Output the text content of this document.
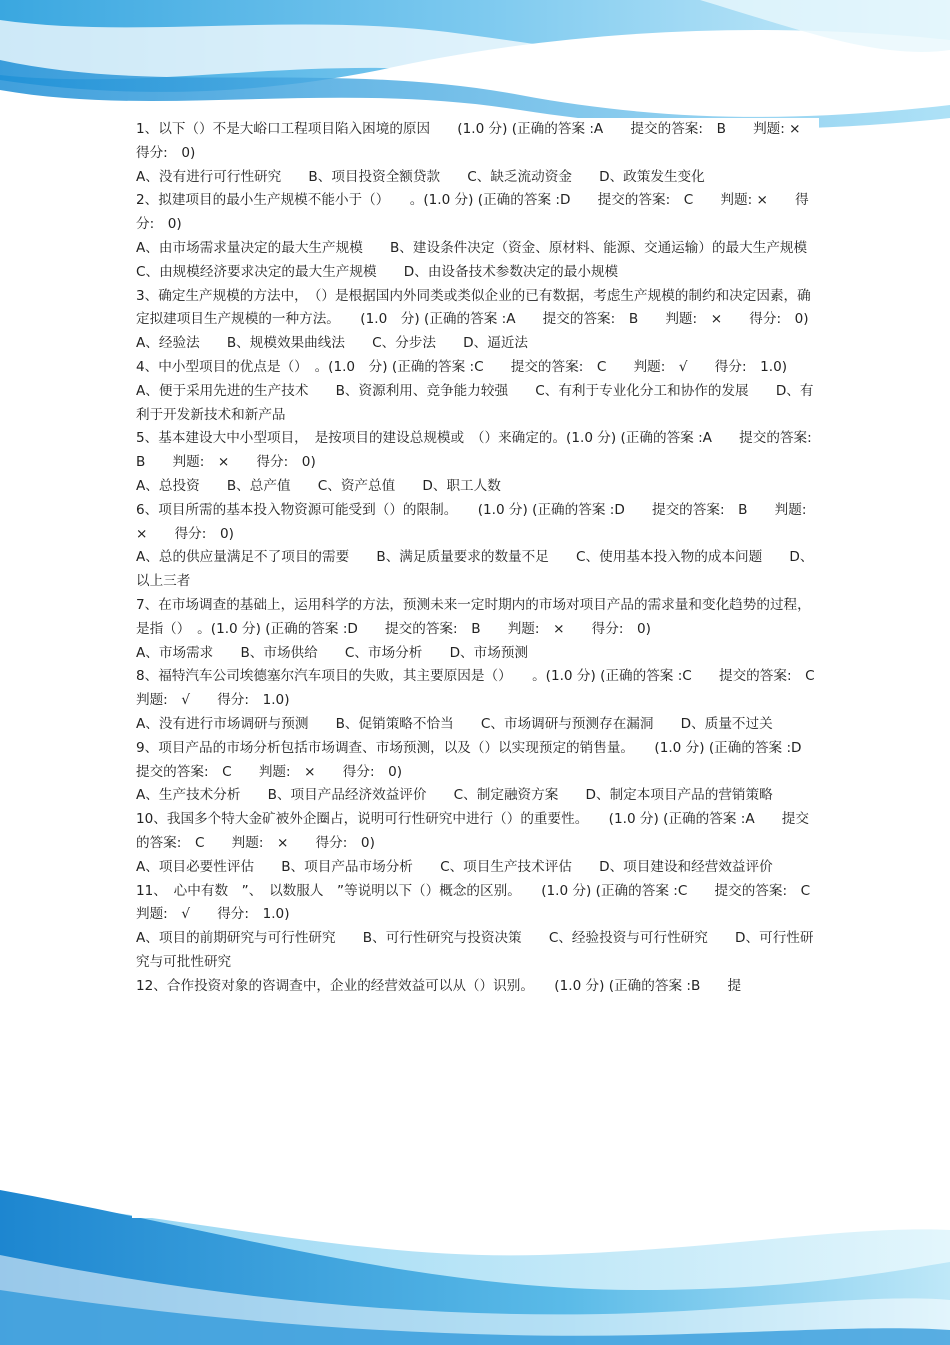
1、以下（）不是大峪口工程项目陷入困境的原因　　(1.0 分) (正确的答案 :A　　提交的答案:　B　　判题: ×　　得分:　0)

A、没有进行可行性研究　　B、项目投资全额贷款　　C、缺乏流动资金　　D、政策发生变化

2、拟建项目的最小生产规模不能小于（）　　。(1.0 分) (正确的答案 :D　　提交的答案:　C　　判题: ×　　得分:　0)

A、由市场需求量决定的最大生产规模　　B、建设条件决定（资金、原材料、能源、交通运输）的最大生产规模　　C、由规模经济要求决定的最大生产规模　　D、由设备技术参数决定的最小规模

3、确定生产规模的方法中，　（）是根据国内外同类或类似企业的已有数据，考虑生产规模的制约和决定因素，确定拟建项目生产规模的一种方法。　　(1.0　分) (正确的答案 :A　　提交的答案:　B　　判题:　×　　得分:　0)

A、经验法　　B、规模效果曲线法　　C、分步法　　D、逼近法

4、中小型项目的优点是（）　。(1.0　分) (正确的答案 :C　　提交的答案:　C　　判题:　√　　得分:　1.0)

A、便于采用先进的生产技术　　B、资源利用、竞争能力较强　　C、有利于专业化分工和协作的发展　　D、有利于开发新技术和新产品

5、基本建设大中小型项目，　是按项目的建设总规模或　（）来确定的。(1.0 分) (正确的答案 :A　　提交的答案:　B　　判题:　×　　得分:　0)

A、总投资　　B、总产值　　C、资产总值　　D、职工人数

6、项目所需的基本投入物资源可能受到（）的限制。　　(1.0 分) (正确的答案 :D　　提交的答案:　B　　判题:　×　　得分:　0)

A、总的供应量满足不了项目的需要　　B、满足质量要求的数量不足　　C、使用基本投入物的成本问题　　D、以上三者

7、在市场调查的基础上，运用科学的方法，预测未来一定时期内的市场对项目产品的需求量和变化趋势的过程，是指（）　。(1.0 分) (正确的答案 :D　　提交的答案:　B　　判题:　×　　得分:　0)

A、市场需求　　B、市场供给　　C、市场分析　　D、市场预测

8、福特汽车公司埃德塞尔汽车项目的失败，其主要原因是（）　　。(1.0 分) (正确的答案 :C　　提交的答案:　C　　判题:　√　　得分:　1.0)

A、没有进行市场调研与预测　　B、促销策略不恰当　　C、市场调研与预测存在漏洞　　D、质量不过关

9、项目产品的市场分析包括市场调查、市场预测，以及（）以实现预定的销售量。　　(1.0 分) (正确的答案 :D　　提交的答案:　C　　判题:　×　　得分:　0)

A、生产技术分析　　B、项目产品经济效益评价　　C、制定融资方案　　D、制定本项目产品的营销策略

10、我国多个特大金矿被外企圈占，说明可行性研究中进行（）的重要性。　　(1.0 分) (正确的答案 :A　　提交的答案:　C　　判题:　×　　得分:　0)

A、项目必要性评估　　B、项目产品市场分析　　C、项目生产技术评估　　D、项目建设和经营效益评价

11、　心中有数　”、　以数服人　”等说明以下（）概念的区别。　　(1.0 分) (正确的答案 :C　　提交的答案:　C　　判题:　√　　得分:　1.0)

A、项目的前期研究与可行性研究　　B、可行性研究与投资决策　　C、经验投资与可行性研究　　D、可行性研究与可批性研究

12、合作投资对象的咨调查中，企业的经营效益可以从（）识别。　　(1.0 分) (正确的答案 :B　　提
